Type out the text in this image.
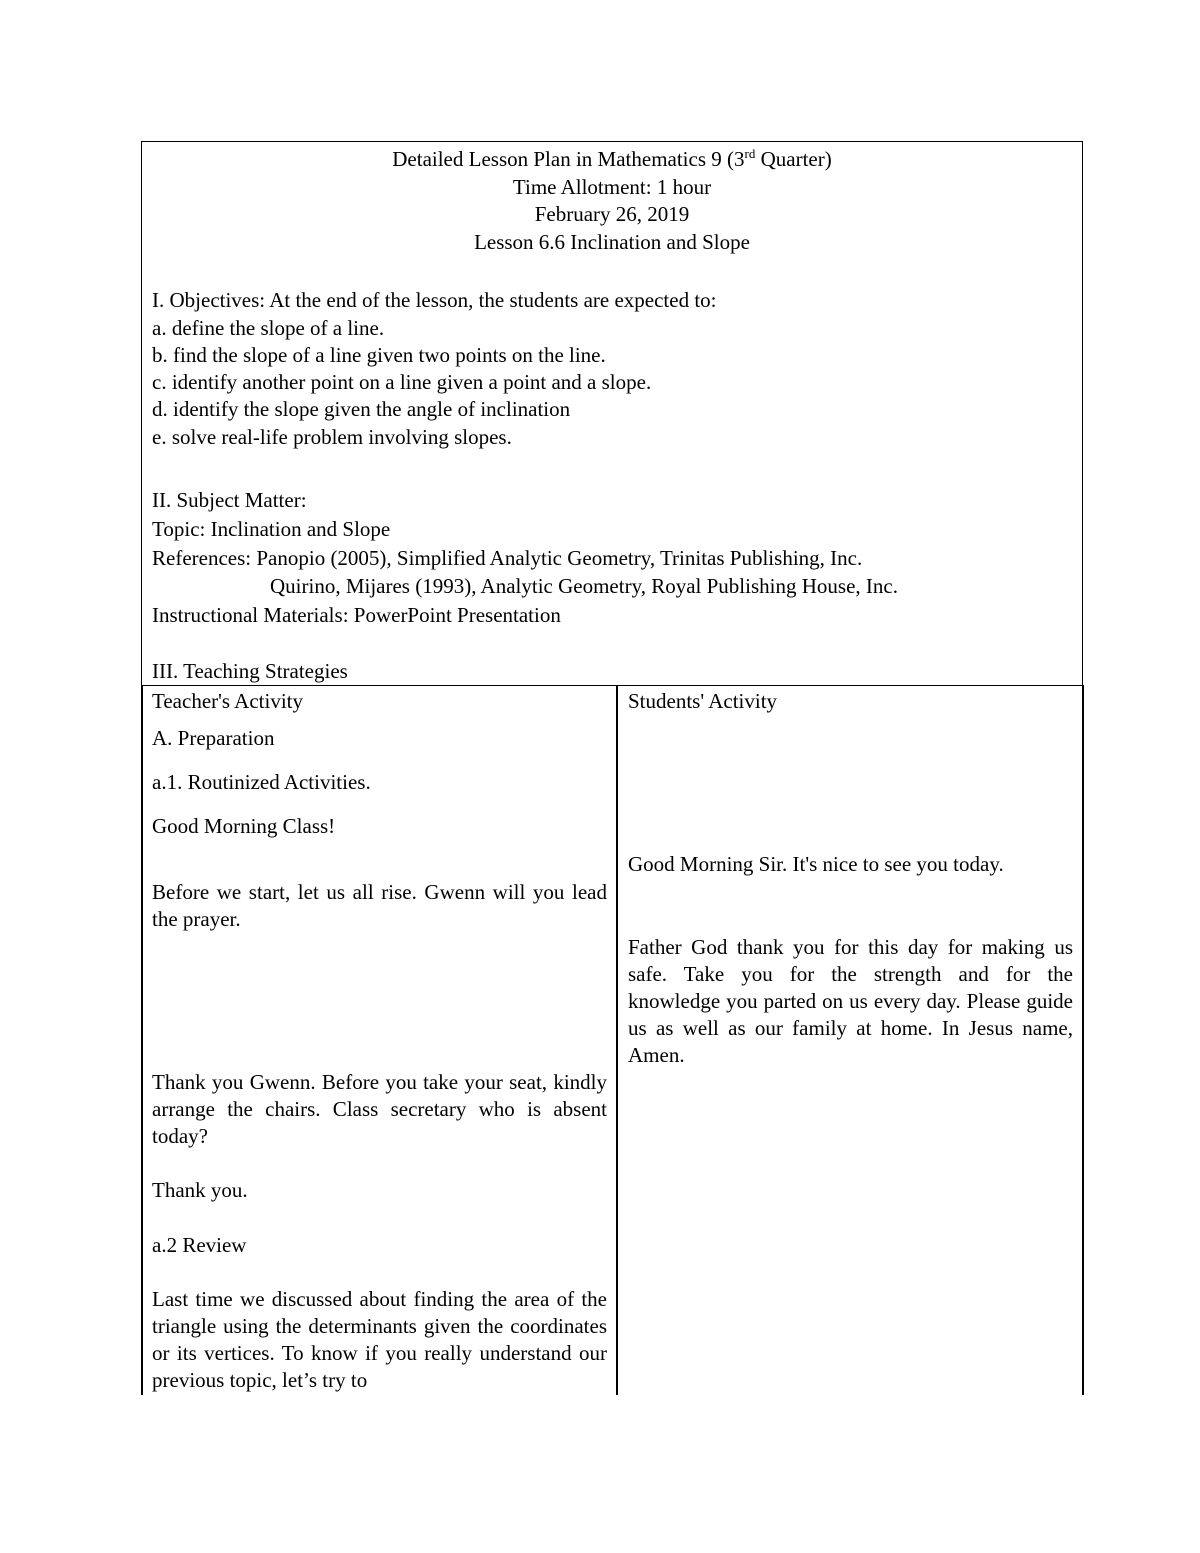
Detailed Lesson Plan in Mathematics 9 (3rd Quarter)
Time Allotment: 1 hour
February 26, 2019
Lesson 6.6 Inclination and Slope
I. Objectives: At the end of the lesson, the students are expected to:
a. define the slope of a line.
b. find the slope of a line given two points on the line.
c. identify another point on a line given a point and a slope.
d. identify the slope given the angle of inclination
e. solve real-life problem involving slopes.
II. Subject Matter:
Topic: Inclination and Slope
References: Panopio (2005), Simplified Analytic Geometry, Trinitas Publishing, Inc.
Quirino, Mijares (1993), Analytic Geometry, Royal Publishing House, Inc.
Instructional Materials: PowerPoint Presentation
III. Teaching Strategies
Teacher's Activity
A. Preparation
a.1. Routinized Activities.
Good Morning Class!
Before we start, let us all rise. Gwenn will you lead the prayer.
Thank you Gwenn. Before you take your seat, kindly arrange the chairs. Class secretary who is absent today?
Thank you.
a.2 Review
Last time we discussed about finding the area of the triangle using the determinants given the coordinates or its vertices. To know if you really understand our previous topic, let’s try to
Students' Activity
Good Morning Sir. It's nice to see you today.
Father God thank you for this day for making us safe. Take you for the strength and for the knowledge you parted on us every day. Please guide us as well as our family at home. In Jesus name, Amen.
